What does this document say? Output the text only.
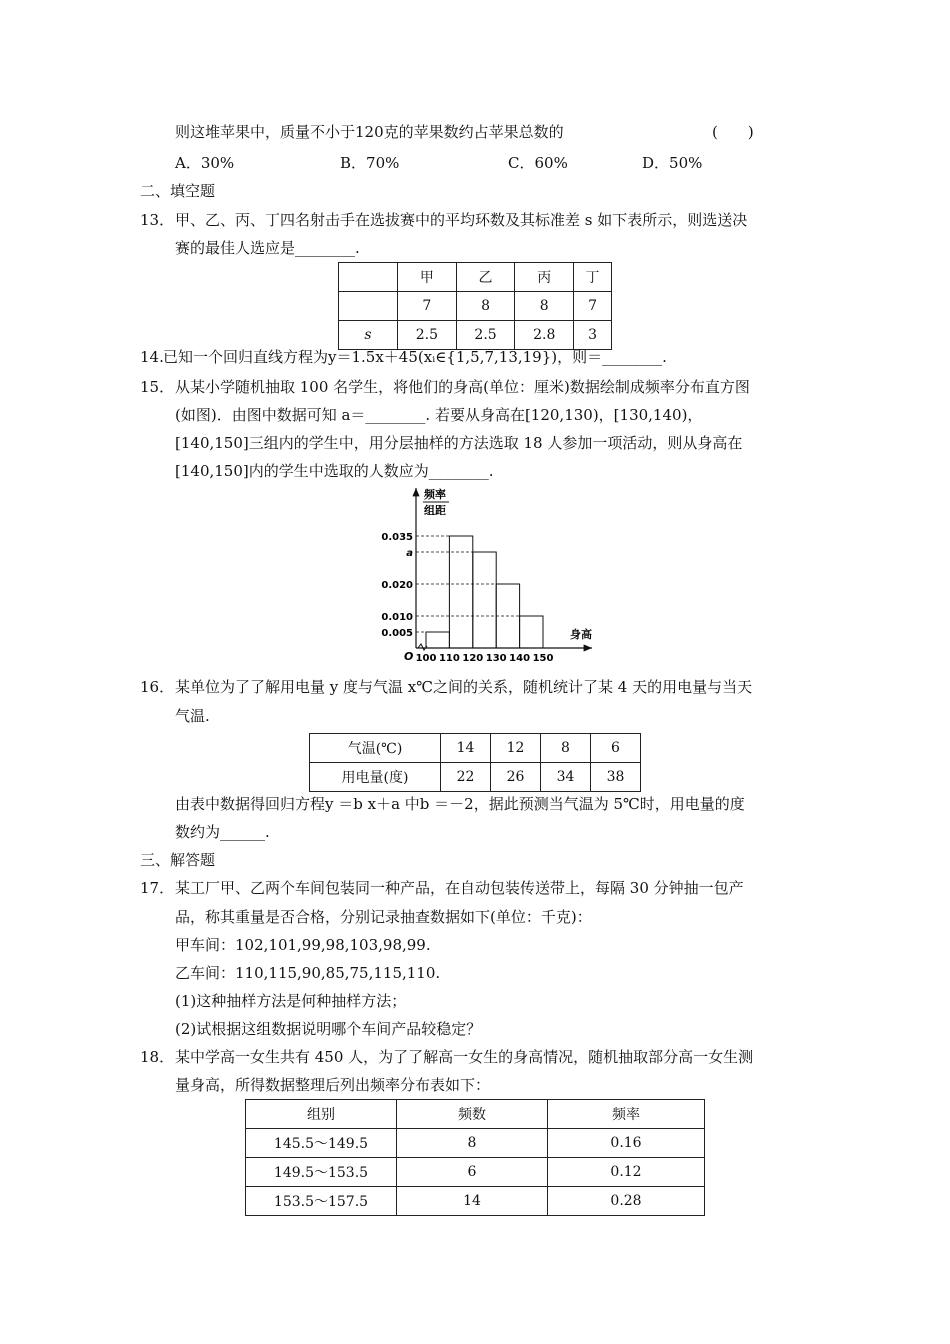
则这堆苹果中，质量不小于120克的苹果数约占苹果总数的	(　　)
A．30%	B．70%	C．60%	D．50%
二、填空题
13． 甲、乙、丙、丁四名射击手在选拔赛中的平均环数及其标准差 s 如下表所示，则选送决
赛的最佳人选应是________.
	甲	乙	丙	丁
	7	8	8	7
s	2.5	2.5	2.8	3
14. 已知一个回归直线方程为y＝1.5x＋45(xᵢ∈{1,5,7,13,19})，则＝________.
15． 从某小学随机抽取 100 名学生，将他们的身高(单位：厘米)数据绘制成频率分布直方图
(如图)．由图中数据可知 a＝________. 若要从身高在[120,130)，[130,140)，
[140,150]三组内的学生中，用分层抽样的方法选取 18 人参加一项活动，则从身高在
[140,150]内的学生中选取的人数应为________.
频率
组距
O
0.035
a
0.020
0.010
0.005
100 110 120 130 140 150
身高
16． 某单位为了了解用电量 y 度与气温 x℃之间的关系，随机统计了某 4 天的用电量与当天
气温.
气温(℃)	14	12	8	6
用电量(度)	22	26	34	38
由表中数据得回归方程y ＝b x＋a 中b ＝－2，据此预测当气温为 5℃时，用电量的度
数约为______.
三、解答题
17． 某工厂甲、乙两个车间包装同一种产品，在自动包装传送带上，每隔 30 分钟抽一包产
品，称其重量是否合格，分别记录抽查数据如下(单位：千克)：
甲车间：102,101,99,98,103,98,99.
乙车间：110,115,90,85,75,115,110.
(1)这种抽样方法是何种抽样方法；
(2)试根据这组数据说明哪个车间产品较稳定？
18． 某中学高一女生共有 450 人，为了了解高一女生的身高情况，随机抽取部分高一女生测
量身高，所得数据整理后列出频率分布表如下：
组别	频数	频率
145.5～149.5	8	0.16
149.5～153.5	6	0.12
153.5～157.5	14	0.28
